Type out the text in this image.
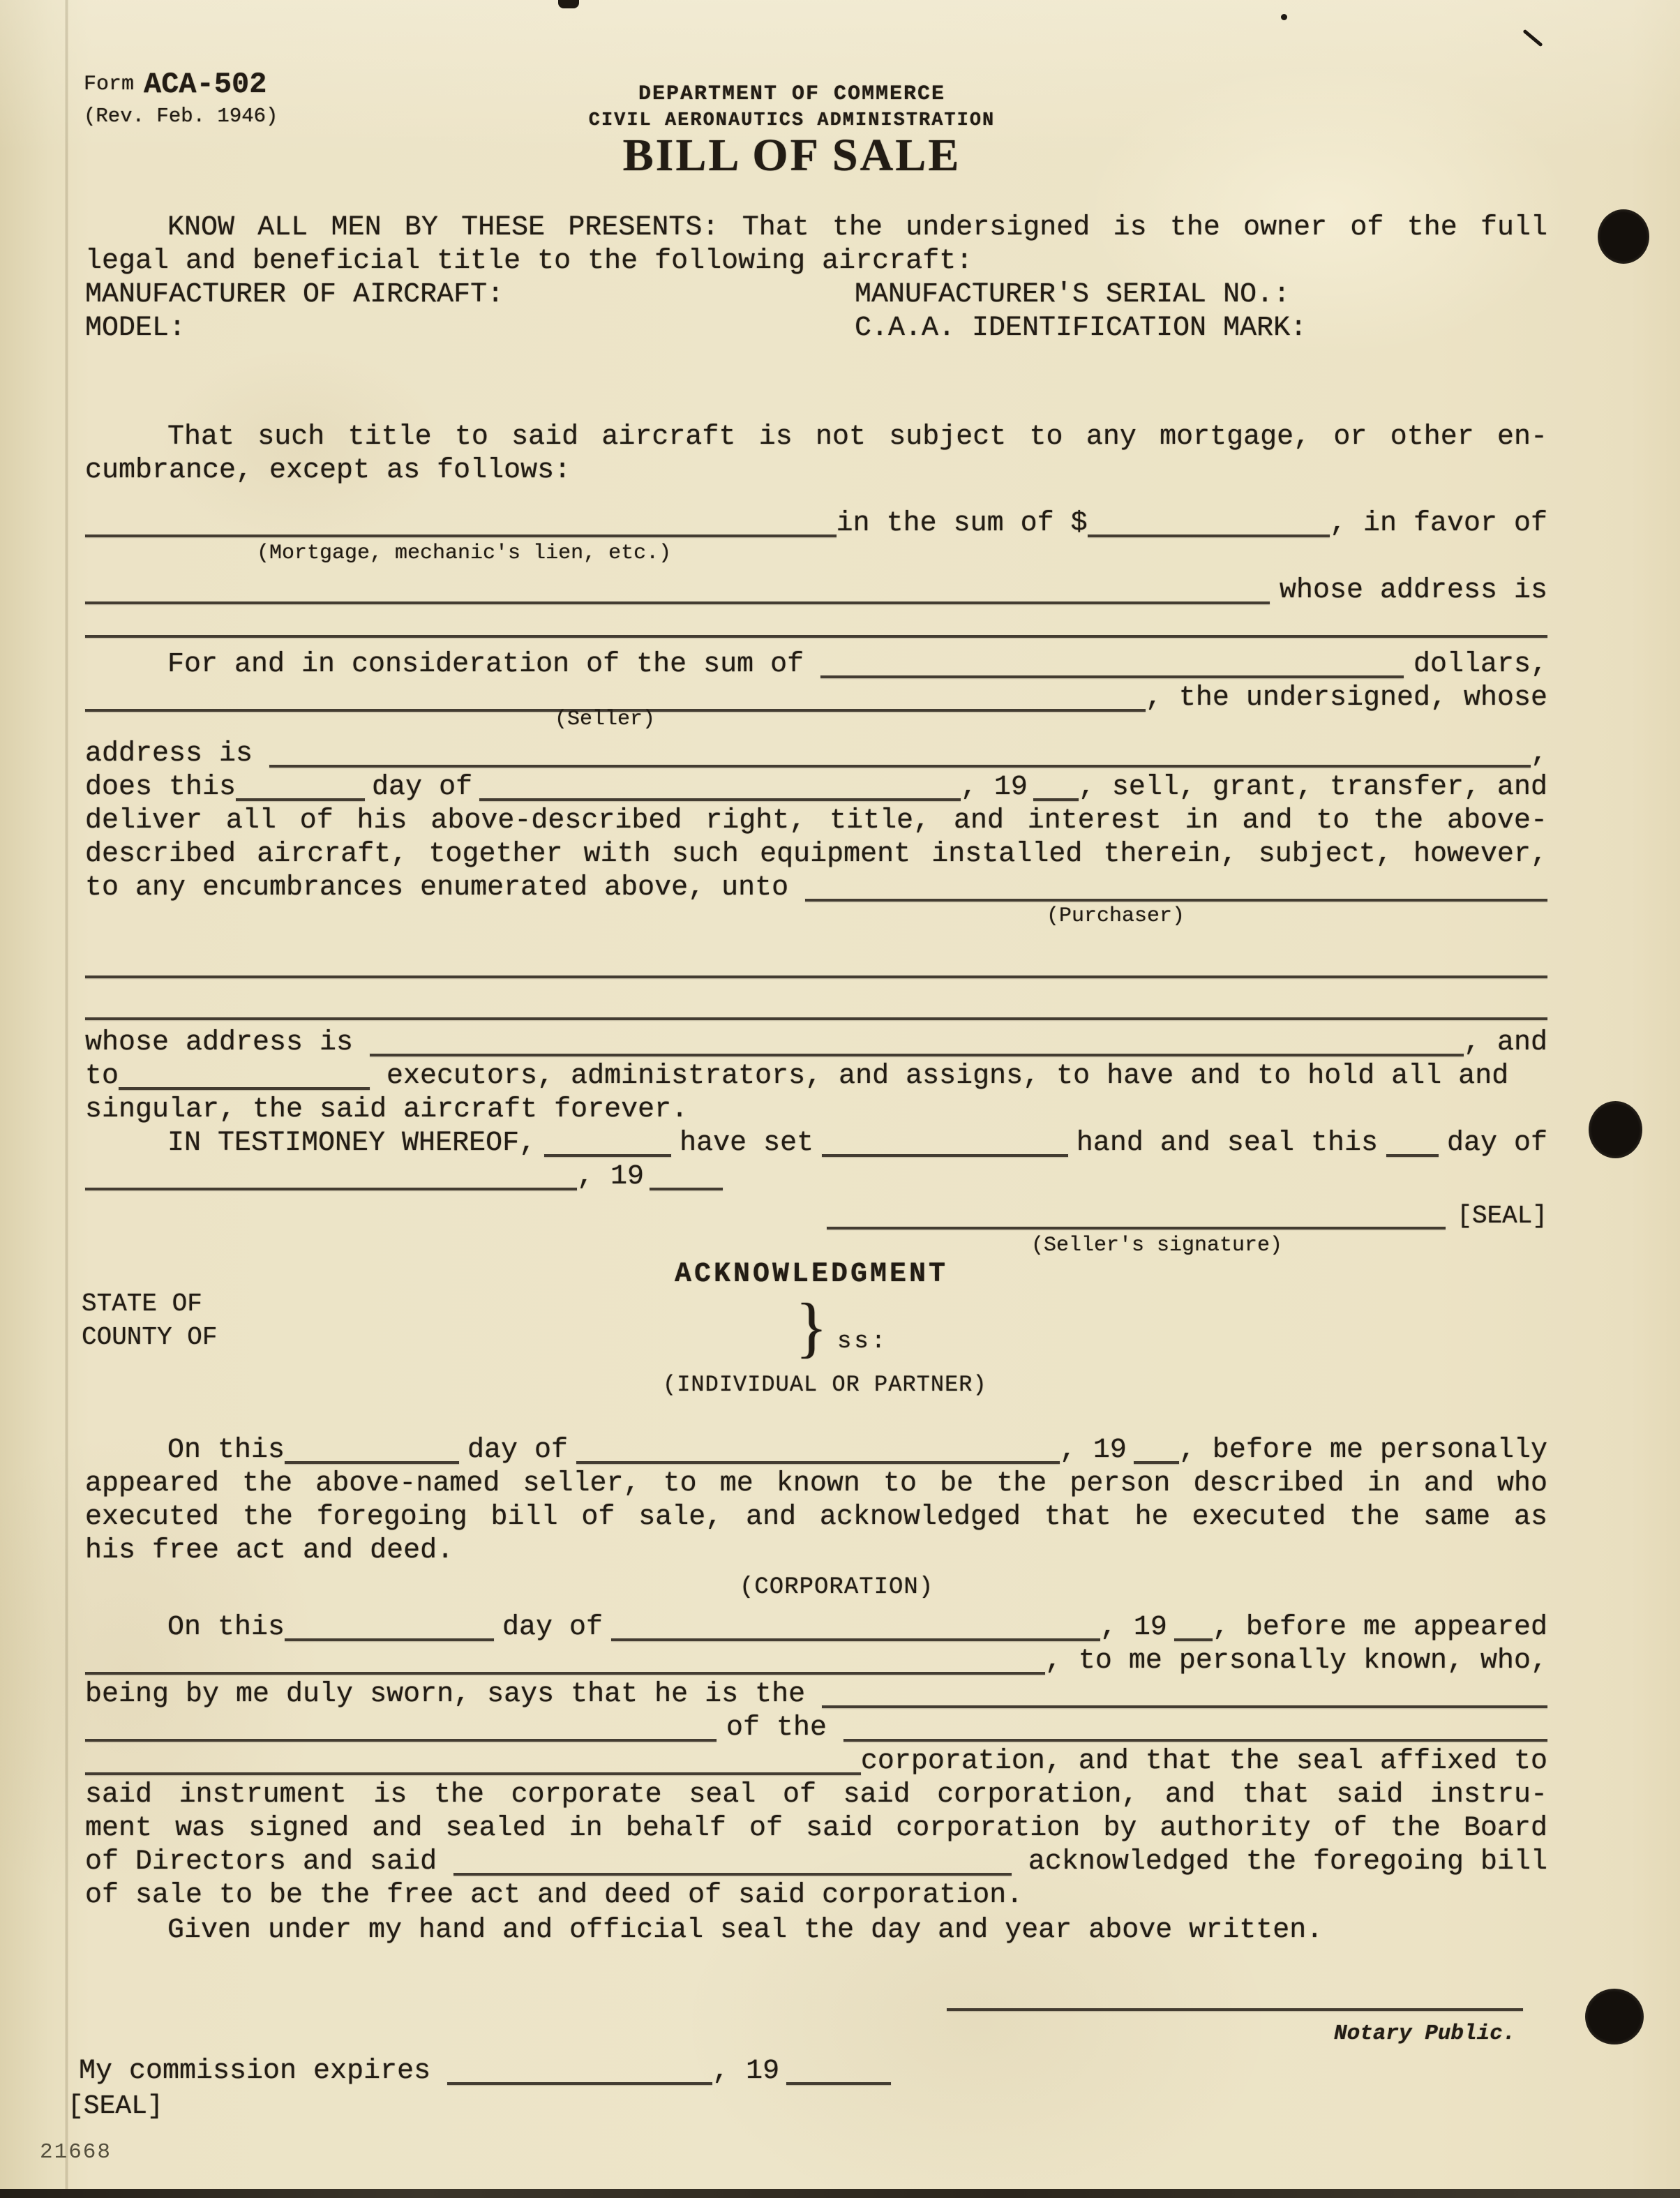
Form ACA-502
(Rev. Feb. 1946)
DEPARTMENT OF COMMERCE
CIVIL AERONAUTICS ADMINISTRATION
BILL OF SALE
KNOW ALL MEN BY THESE PRESENTS: That the undersigned is the owner of the full
legal and beneficial title to the following aircraft:
MANUFACTURER OF AIRCRAFT:	MANUFACTURER'S SERIAL NO.:
MODEL:	C.A.A. IDENTIFICATION MARK:
That such title to said aircraft is not subject to any mortgage, or other en-
cumbrance, except as follows:
in the sum of $	, in favor of
(Mortgage, mechanic's lien, etc.)
whose address is
For and in consideration of the sum of	dollars,
, the undersigned, whose
(Seller)
address is	,
does this	day of	, 19 , sell, grant, transfer, and
deliver all of his above-described right, title, and interest in and to the above-
described aircraft, together with such equipment installed therein, subject, however,
to any encumbrances enumerated above, unto
(Purchaser)
whose address is	, and
to	executors, administrators, and assigns, to have and to hold all and
singular, the said aircraft forever.
IN TESTIMONEY WHEREOF,	have set	hand and seal this day of
, 19
[SEAL]
(Seller's signature)
ACKNOWLEDGMENT
STATE OF
COUNTY OF	} ss:
(INDIVIDUAL OR PARTNER)
On this	day of	, 19 , before me personally
appeared the above-named seller, to me known to be the person described in and who
executed the foregoing bill of sale, and acknowledged that he executed the same as
his free act and deed.
(CORPORATION)
On this	day of	, 19 , before me appeared
, to me personally known, who,
being by me duly sworn, says that he is the
of the
corporation, and that the seal affixed to
said instrument is the corporate seal of said corporation, and that said instru-
ment was signed and sealed in behalf of said corporation by authority of the Board
of Directors and said	acknowledged the foregoing bill
of sale to be the free act and deed of said corporation.
Given under my hand and official seal the day and year above written.
Notary Public.
My commission expires	, 19
[SEAL]
21668
